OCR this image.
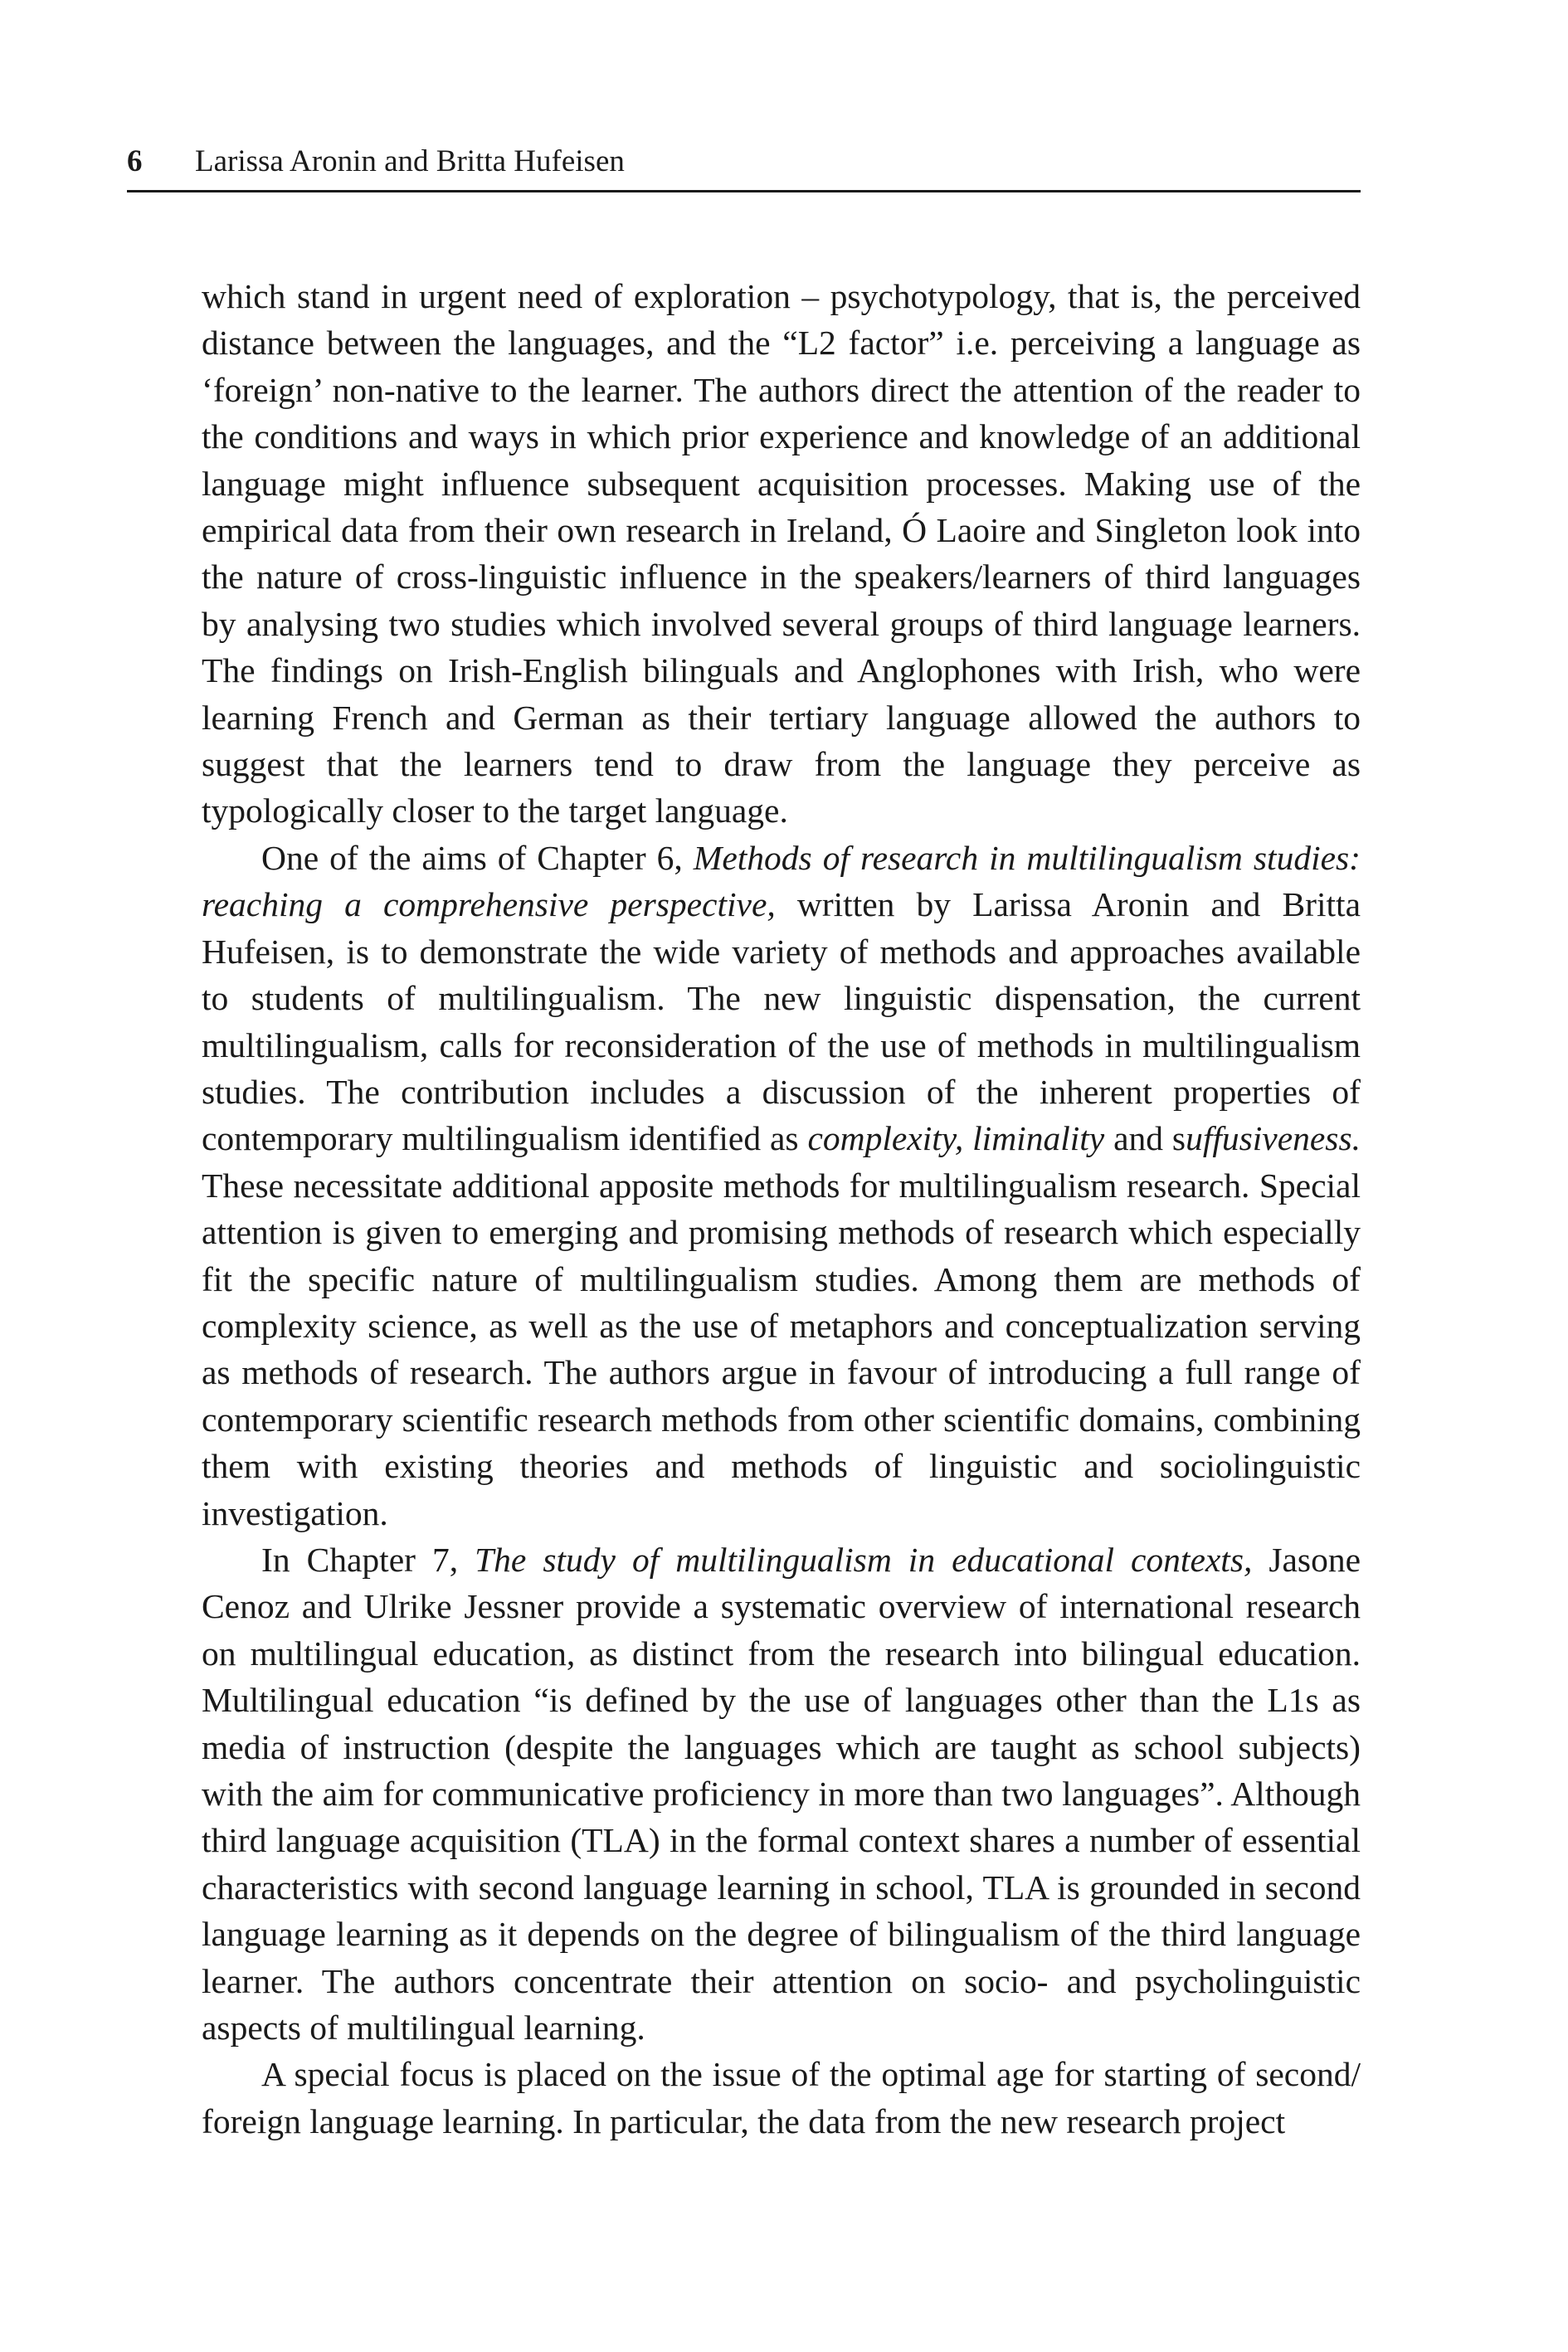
6 Larissa Aronin and Britta Hufeisen

which stand in urgent need of exploration – psychotypology, that is, the perceived distance between the languages, and the “L2 factor” i.e. perceiving a language as ‘foreign’ non-native to the learner. The authors direct the attention of the reader to the conditions and ways in which prior experience and knowledge of an additional language might influence subsequent acquisition processes. Making use of the empirical data from their own research in Ireland, Ó Laoire and Singleton look into the nature of cross-linguistic influence in the speakers/learners of third languages by analysing two studies which involved several groups of third language learners. The findings on Irish-English bilinguals and Anglophones with Irish, who were learning French and German as their tertiary language allowed the authors to suggest that the learners tend to draw from the language they perceive as typologically closer to the target language.

One of the aims of Chapter 6, Methods of research in multilingualism studies: reaching a comprehensive perspective, written by Larissa Aronin and Britta Hufeisen, is to demonstrate the wide variety of methods and approaches available to students of multilingualism. The new linguistic dispensation, the current multilingualism, calls for reconsideration of the use of methods in multilingualism studies. The contribution includes a discussion of the inherent properties of contemporary multilingualism identified as complexity, liminality and suffusiveness. These necessitate additional apposite methods for multilingualism research. Special attention is given to emerging and promising methods of research which especially fit the specific nature of multilingualism studies. Among them are methods of complexity science, as well as the use of metaphors and conceptualization serving as methods of research. The authors argue in favour of introducing a full range of contemporary scientific research methods from other scientific domains, combining them with existing theories and methods of linguistic and sociolinguistic investigation.

In Chapter 7, The study of multilingualism in educational contexts, Jasone Cenoz and Ulrike Jessner provide a systematic overview of international research on multilingual education, as distinct from the research into bilingual education. Multilingual education “is defined by the use of languages other than the L1s as media of instruction (despite the languages which are taught as school subjects) with the aim for communicative proficiency in more than two languages”. Although third language acquisition (TLA) in the formal context shares a number of essential characteristics with second language learning in school, TLA is grounded in second language learning as it depends on the degree of bilingualism of the third language learner. The authors concentrate their attention on socio- and psycholinguistic aspects of multilingual learning.

A special focus is placed on the issue of the optimal age for starting of second/ foreign language learning. In particular, the data from the new research project
